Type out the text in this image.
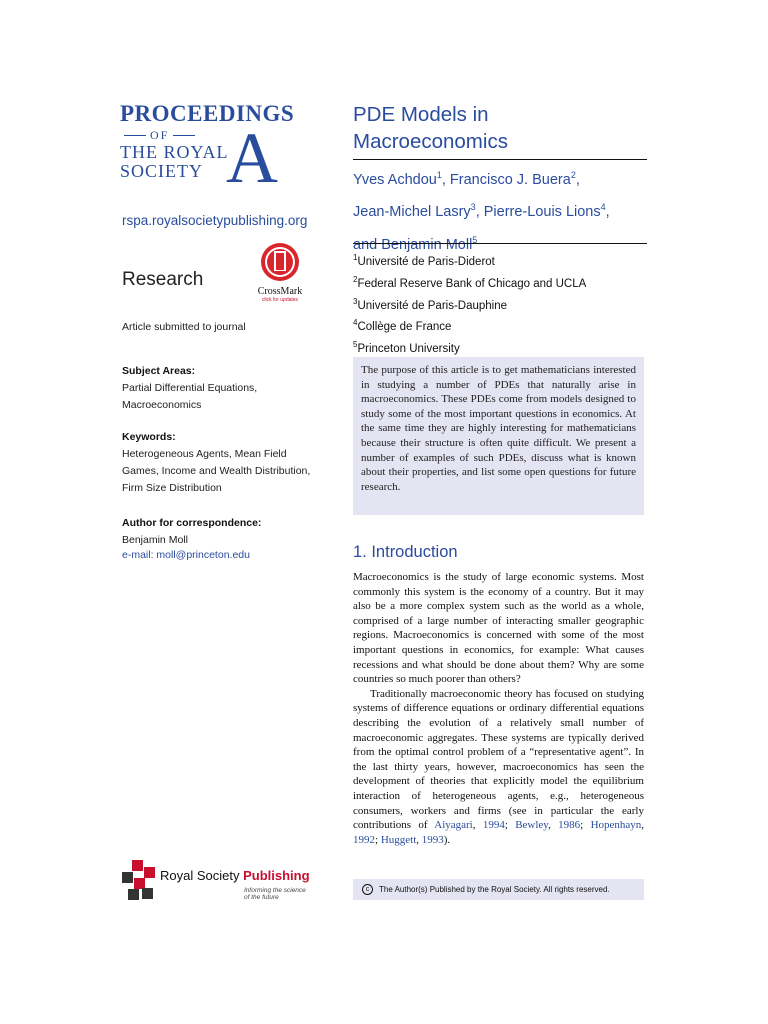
PROCEEDINGS
OF
THE ROYAL
SOCIETY A
rspa.royalsocietypublishing.org
Research
CrossMark
click for updates
Article submitted to journal
Subject Areas:
Partial Differential Equations, Macroeconomics
Keywords:
Heterogeneous Agents, Mean Field Games, Income and Wealth Distribution, Firm Size Distribution
Author for correspondence:
Benjamin Moll
e-mail: moll@princeton.edu
PDE Models in
Macroeconomics
Yves Achdou$^1$, Francisco J. Buera$^2$,
Jean-Michel Lasry$^3$, Pierre-Louis Lions$^4$,
and Benjamin Moll$^5$
$^1$Université de Paris-Diderot
$^2$Federal Reserve Bank of Chicago and UCLA
$^3$Université de Paris-Dauphine
$^4$Collège de France
$^5$Princeton University

The purpose of this article is to get mathematicians interested in studying a number of PDEs that naturally arise in macroeconomics. These PDEs come from models designed to study some of the most important questions in economics. At the same time they are highly interesting for mathematicians because their structure is often quite difficult. We present a number of examples of such PDEs, discuss what is known about their properties, and list some open questions for future research.

1. Introduction

Macroeconomics is the study of large economic systems. Most commonly this system is the economy of a country. But it may also be a more complex system such as the world as a whole, comprised of a large number of interacting smaller geographic regions. Macroeconomics is concerned with some of the most important questions in economics, for example: What causes recessions and what should be done about them? Why are some countries so much poorer than others?

Traditionally macroeconomic theory has focused on studying systems of difference equations or ordinary differential equations describing the evolution of a relatively small number of macroeconomic aggregates. These systems are typically derived from the optimal control problem of a “representative agent”. In the last thirty years, however, macroeconomics has seen the development of theories that explicitly model the equilibrium interaction of heterogeneous agents, e.g., heterogeneous consumers, workers and firms (see in particular the early contributions of Aiyagari, 1994; Bewley, 1986; Hopenhayn, 1992; Huggett, 1993).

c	The Author(s) Published by the Royal Society. All rights reserved.
Royal Society Publishing
Informing the science
of the future
